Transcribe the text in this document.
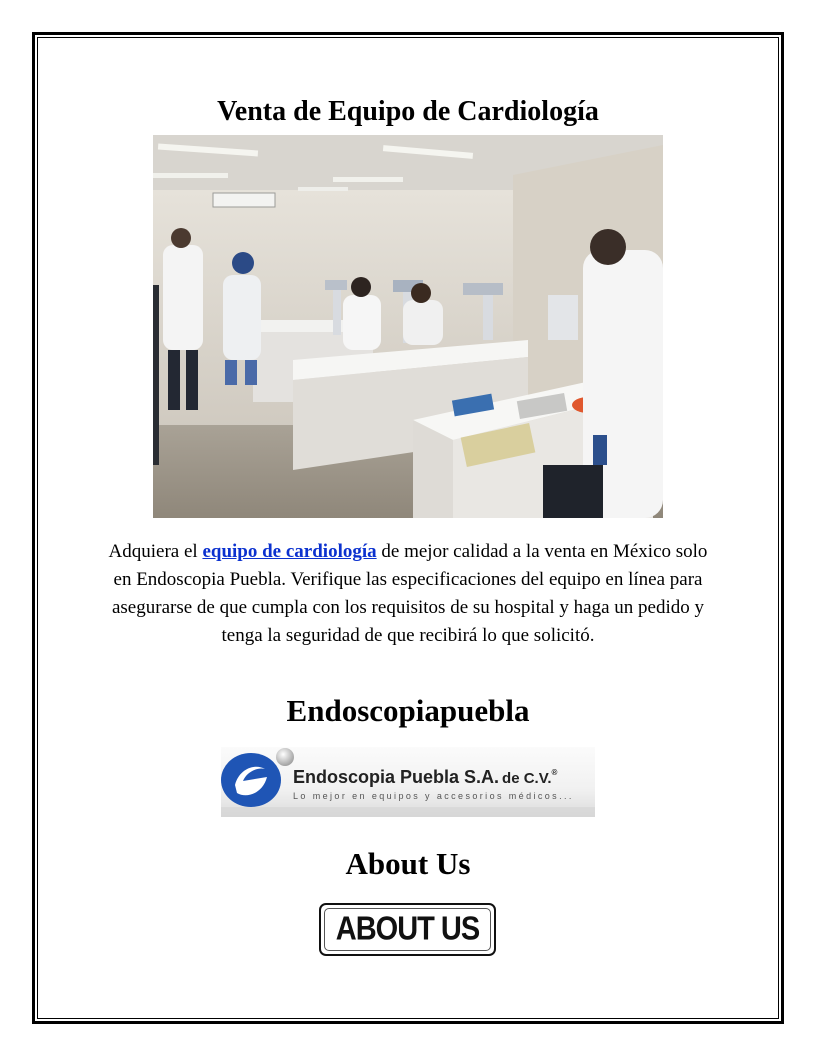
Venta de Equipo de Cardiología

Adquiera el equipo de cardiología de mejor calidad a la venta en México solo en Endoscopia Puebla. Verifique las especificaciones del equipo en línea para asegurarse de que cumpla con los requisitos de su hospital y haga un pedido y tenga la seguridad de que recibirá lo que solicitó.

Endoscopiapuebla
Endoscopia Puebla S.A. de C.V.®
Lo mejor en equipos y accesorios médicos...
About Us
ABOUT US
